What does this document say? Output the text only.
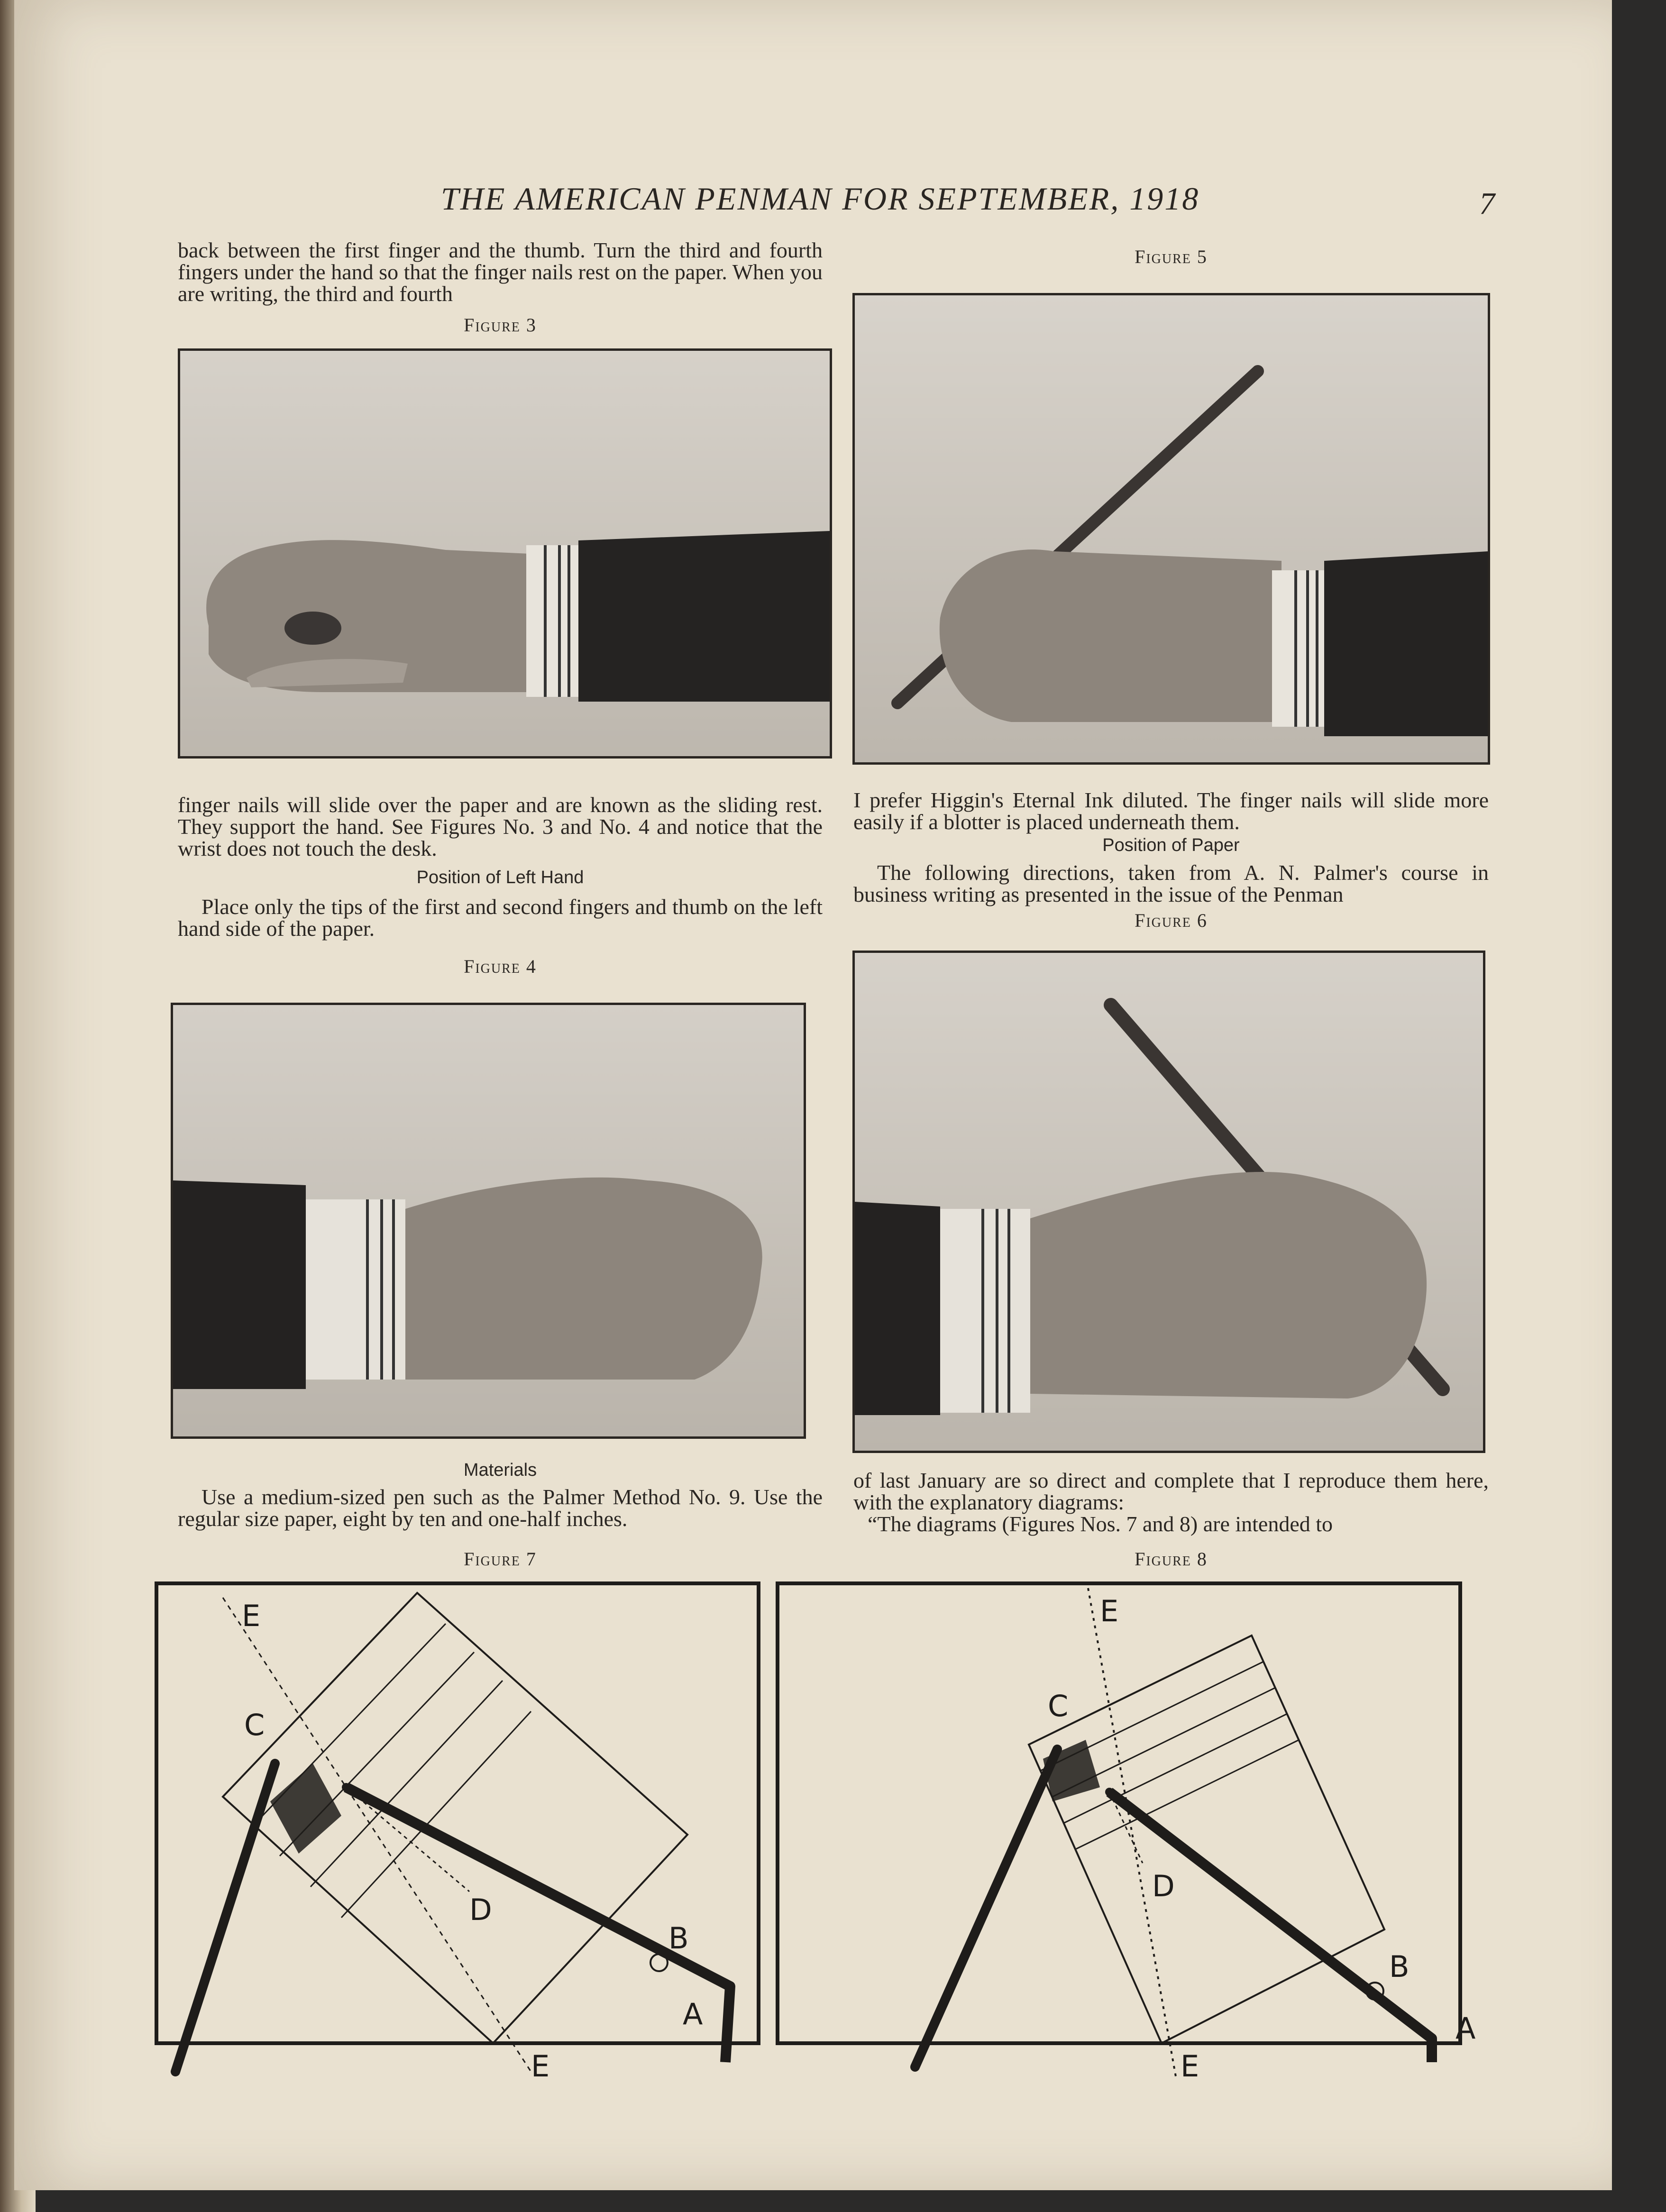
THE AMERICAN PENMAN FOR SEPTEMBER, 1918	7

back between the first finger and the thumb. Turn the third and fourth fingers under the hand so that the finger nails rest on the paper. When you are writing, the third and fourth

Figure 3

finger nails will slide over the paper and are known as the sliding rest. They support the hand. See Figures No. 3 and No. 4 and notice that the wrist does not touch the desk.

Position of Left Hand

Place only the tips of the first and second fingers and thumb on the left hand side of the paper.

Figure 4
Materials

Use a medium-sized pen such as the Palmer Method No. 9. Use the regular size paper, eight by ten and one-half inches.

Figure 7
Figure 5

I prefer Higgin's Eternal Ink diluted. The finger nails will slide more easily if a blotter is placed underneath them.

Position of Paper

The following directions, taken from A. N. Palmer's course in business writing as presented in the issue of the Penman

Figure 6

of last January are so direct and complete that I reproduce them here, with the explanatory diagrams:

“The diagrams (Figures Nos. 7 and 8) are intended to

Figure 8
E
C
D
B
A
E
E
C
D
B
A
E
